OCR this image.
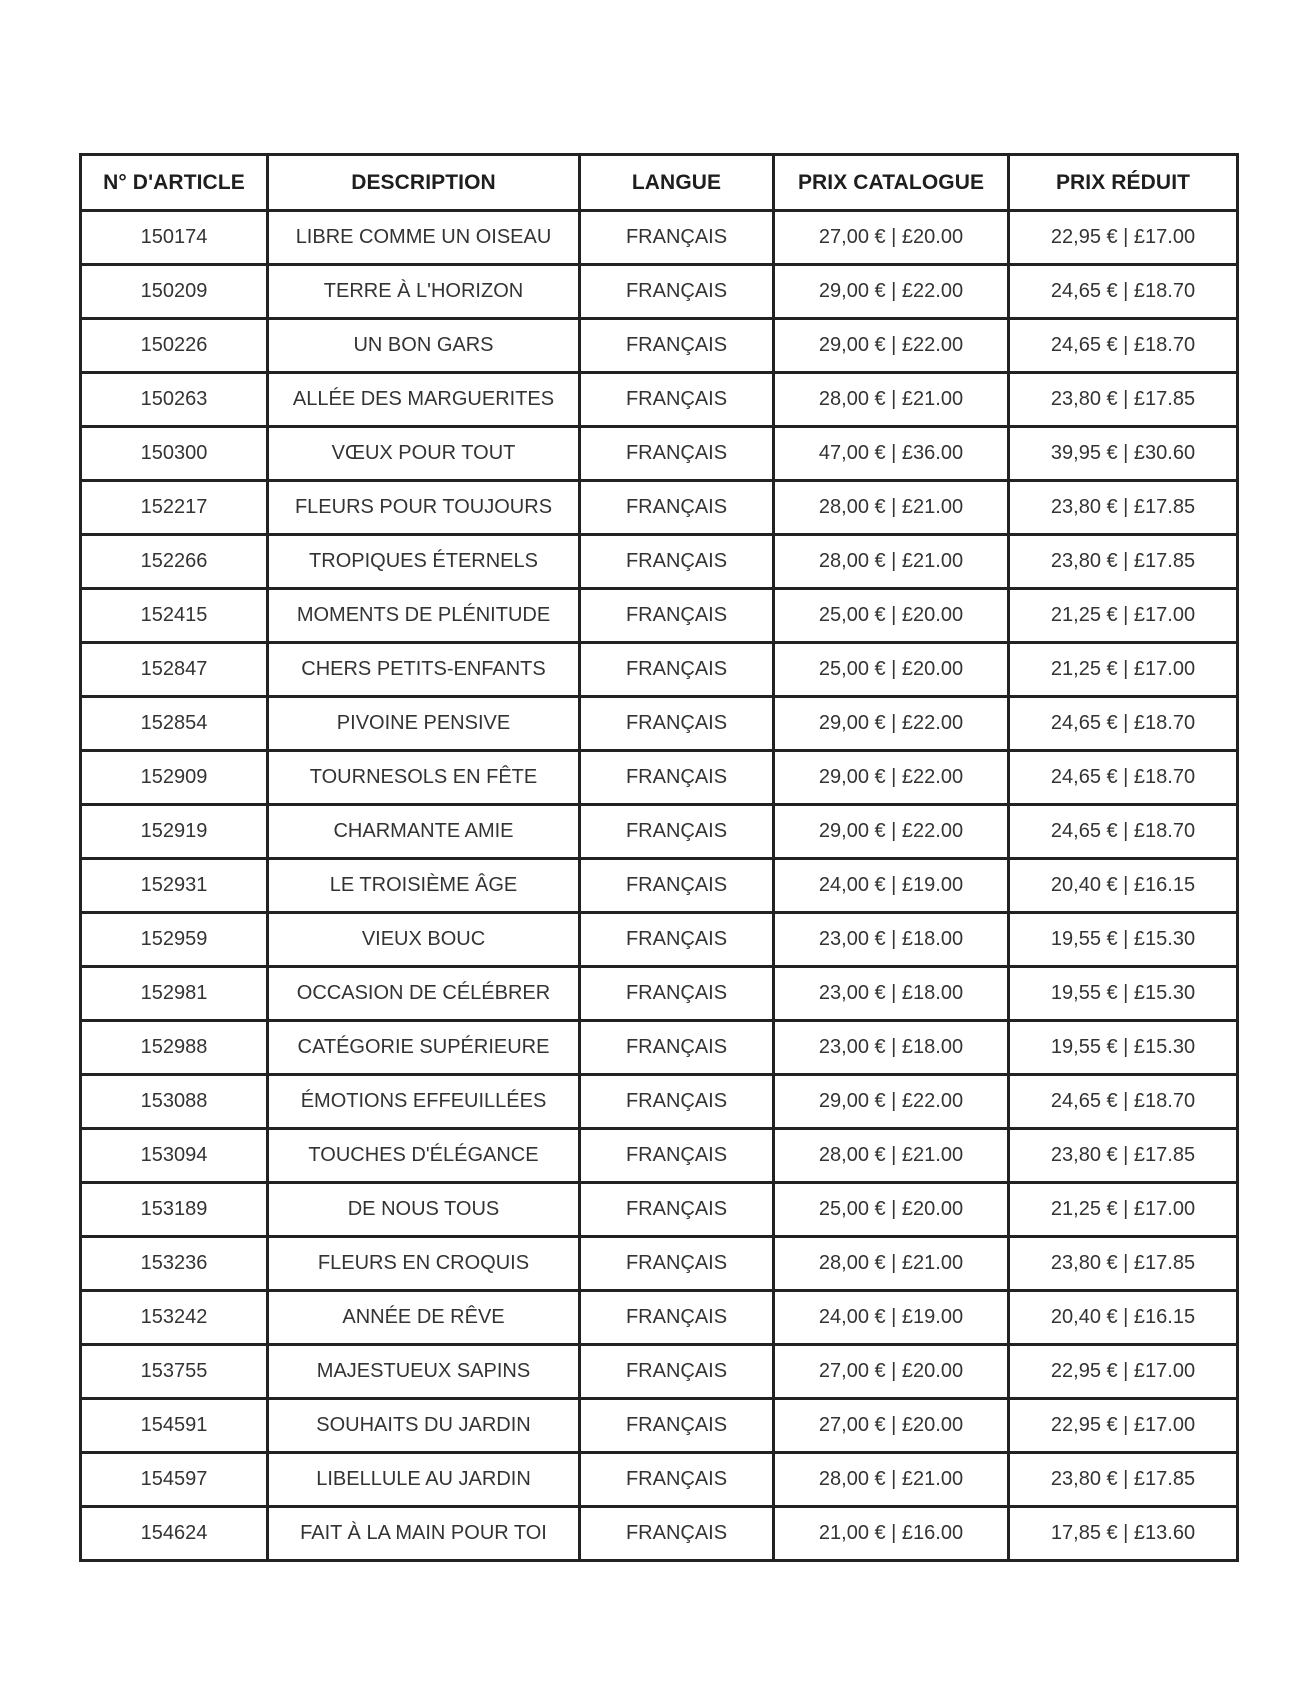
N° D'ARTICLE	DESCRIPTION	LANGUE	PRIX CATALOGUE	PRIX RÉDUIT
150174	LIBRE COMME UN OISEAU	FRANÇAIS	27,00 € | £20.00	22,95 € | £17.00
150209	TERRE À L'HORIZON	FRANÇAIS	29,00 € | £22.00	24,65 € | £18.70
150226	UN BON GARS	FRANÇAIS	29,00 € | £22.00	24,65 € | £18.70
150263	ALLÉE DES MARGUERITES	FRANÇAIS	28,00 € | £21.00	23,80 € | £17.85
150300	VŒUX POUR TOUT	FRANÇAIS	47,00 € | £36.00	39,95 € | £30.60
152217	FLEURS POUR TOUJOURS	FRANÇAIS	28,00 € | £21.00	23,80 € | £17.85
152266	TROPIQUES ÉTERNELS	FRANÇAIS	28,00 € | £21.00	23,80 € | £17.85
152415	MOMENTS DE PLÉNITUDE	FRANÇAIS	25,00 € | £20.00	21,25 € | £17.00
152847	CHERS PETITS-ENFANTS	FRANÇAIS	25,00 € | £20.00	21,25 € | £17.00
152854	PIVOINE PENSIVE	FRANÇAIS	29,00 € | £22.00	24,65 € | £18.70
152909	TOURNESOLS EN FÊTE	FRANÇAIS	29,00 € | £22.00	24,65 € | £18.70
152919	CHARMANTE AMIE	FRANÇAIS	29,00 € | £22.00	24,65 € | £18.70
152931	LE TROISIÈME ÂGE	FRANÇAIS	24,00 € | £19.00	20,40 € | £16.15
152959	VIEUX BOUC	FRANÇAIS	23,00 € | £18.00	19,55 € | £15.30
152981	OCCASION DE CÉLÉBRER	FRANÇAIS	23,00 € | £18.00	19,55 € | £15.30
152988	CATÉGORIE SUPÉRIEURE	FRANÇAIS	23,00 € | £18.00	19,55 € | £15.30
153088	ÉMOTIONS EFFEUILLÉES	FRANÇAIS	29,00 € | £22.00	24,65 € | £18.70
153094	TOUCHES D'ÉLÉGANCE	FRANÇAIS	28,00 € | £21.00	23,80 € | £17.85
153189	DE NOUS TOUS	FRANÇAIS	25,00 € | £20.00	21,25 € | £17.00
153236	FLEURS EN CROQUIS	FRANÇAIS	28,00 € | £21.00	23,80 € | £17.85
153242	ANNÉE DE RÊVE	FRANÇAIS	24,00 € | £19.00	20,40 € | £16.15
153755	MAJESTUEUX SAPINS	FRANÇAIS	27,00 € | £20.00	22,95 € | £17.00
154591	SOUHAITS DU JARDIN	FRANÇAIS	27,00 € | £20.00	22,95 € | £17.00
154597	LIBELLULE AU JARDIN	FRANÇAIS	28,00 € | £21.00	23,80 € | £17.85
154624	FAIT À LA MAIN POUR TOI	FRANÇAIS	21,00 € | £16.00	17,85 € | £13.60
